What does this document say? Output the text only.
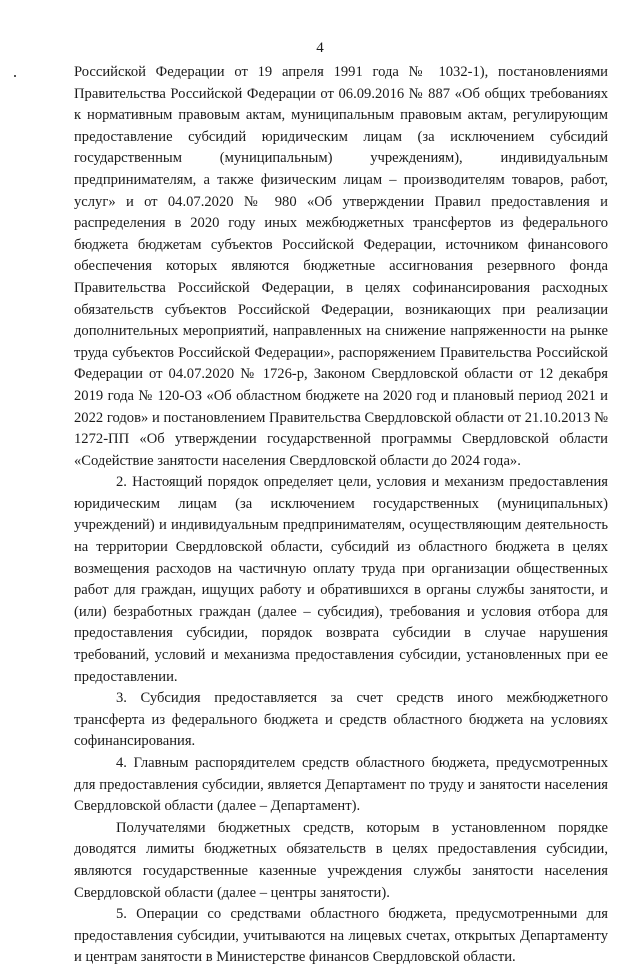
4

Российской Федерации от 19 апреля 1991 года № 1032-1), постановлениями Правительства Российской Федерации от 06.09.2016 № 887 «Об общих требованиях к нормативным правовым актам, муниципальным правовым актам, регулирующим предоставление субсидий юридическим лицам (за исключением субсидий государственным (муниципальным) учреждениям), индивидуальным предпринимателям, а также физическим лицам – производителям товаров, работ, услуг» и от 04.07.2020 № 980 «Об утверждении Правил предоставления и распределения в 2020 году иных межбюджетных трансфертов из федерального бюджета бюджетам субъектов Российской Федерации, источником финансового обеспечения которых являются бюджетные ассигнования резервного фонда Правительства Российской Федерации, в целях софинансирования расходных обязательств субъектов Российской Федерации, возникающих при реализации дополнительных мероприятий, направленных на снижение напряженности на рынке труда субъектов Российской Федерации», распоряжением Правительства Российской Федерации от 04.07.2020 № 1726-р, Законом Свердловской области от 12 декабря 2019 года № 120-ОЗ «Об областном бюджете на 2020 год и плановый период 2021 и 2022 годов» и постановлением Правительства Свердловской области от 21.10.2013 № 1272-ПП «Об утверждении государственной программы Свердловской области «Содействие занятости населения Свердловской области до 2024 года».

2. Настоящий порядок определяет цели, условия и механизм предоставления юридическим лицам (за исключением государственных (муниципальных) учреждений) и индивидуальным предпринимателям, осуществляющим деятельность на территории Свердловской области, субсидий из областного бюджета в целях возмещения расходов на частичную оплату труда при организации общественных работ для граждан, ищущих работу и обратившихся в органы службы занятости, и (или) безработных граждан (далее – субсидия), требования и условия отбора для предоставления субсидии, порядок возврата субсидии в случае нарушения требований, условий и механизма предоставления субсидии, установленных при ее предоставлении.

3. Субсидия предоставляется за счет средств иного межбюджетного трансферта из федерального бюджета и средств областного бюджета на условиях софинансирования.

4. Главным распорядителем средств областного бюджета, предусмотренных для предоставления субсидии, является Департамент по труду и занятости населения Свердловской области (далее – Департамент).

Получателями бюджетных средств, которым в установленном порядке доводятся лимиты бюджетных обязательств в целях предоставления субсидии, являются государственные казенные учреждения службы занятости населения Свердловской области (далее – центры занятости).

5. Операции со средствами областного бюджета, предусмотренными для предоставления субсидии, учитываются на лицевых счетах, открытых Департаменту и центрам занятости в Министерстве финансов Свердловской области.
